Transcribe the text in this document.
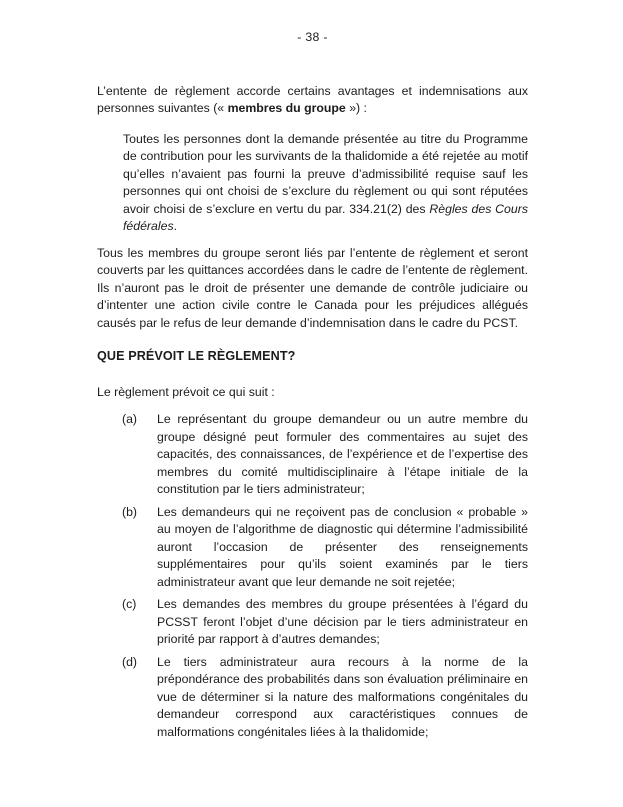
- 38 -

L’entente de règlement accorde certains avantages et indemnisations aux personnes suivantes (« membres du groupe ») :

Toutes les personnes dont la demande présentée au titre du Programme de contribution pour les survivants de la thalidomide a été rejetée au motif qu’elles n’avaient pas fourni la preuve d’admissibilité requise sauf les personnes qui ont choisi de s’exclure du règlement ou qui sont réputées avoir choisi de s’exclure en vertu du par. 334.21(2) des Règles des Cours fédérales.

Tous les membres du groupe seront liés par l’entente de règlement et seront couverts par les quittances accordées dans le cadre de l’entente de règlement. Ils n’auront pas le droit de présenter une demande de contrôle judiciaire ou d’intenter une action civile contre le Canada pour les préjudices allégués causés par le refus de leur demande d’indemnisation dans le cadre du PCST.

QUE PRÉVOIT LE RÈGLEMENT?

Le règlement prévoit ce qui suit :

(a)	Le représentant du groupe demandeur ou un autre membre du groupe désigné peut formuler des commentaires au sujet des capacités, des connaissances, de l’expérience et de l’expertise des membres du comité multidisciplinaire à l’étape initiale de la constitution par le tiers administrateur;
(b)	Les demandeurs qui ne reçoivent pas de conclusion « probable » au moyen de l’algorithme de diagnostic qui détermine l’admissibilité auront l’occasion de présenter des renseignements supplémentaires pour qu’ils soient examinés par le tiers administrateur avant que leur demande ne soit rejetée;
(c)	Les demandes des membres du groupe présentées à l’égard du PCSST feront l’objet d’une décision par le tiers administrateur en priorité par rapport à d’autres demandes;
(d)	Le tiers administrateur aura recours à la norme de la prépondérance des probabilités dans son évaluation préliminaire en vue de déterminer si la nature des malformations congénitales du demandeur correspond aux caractéristiques connues de malformations congénitales liées à la thalidomide;
